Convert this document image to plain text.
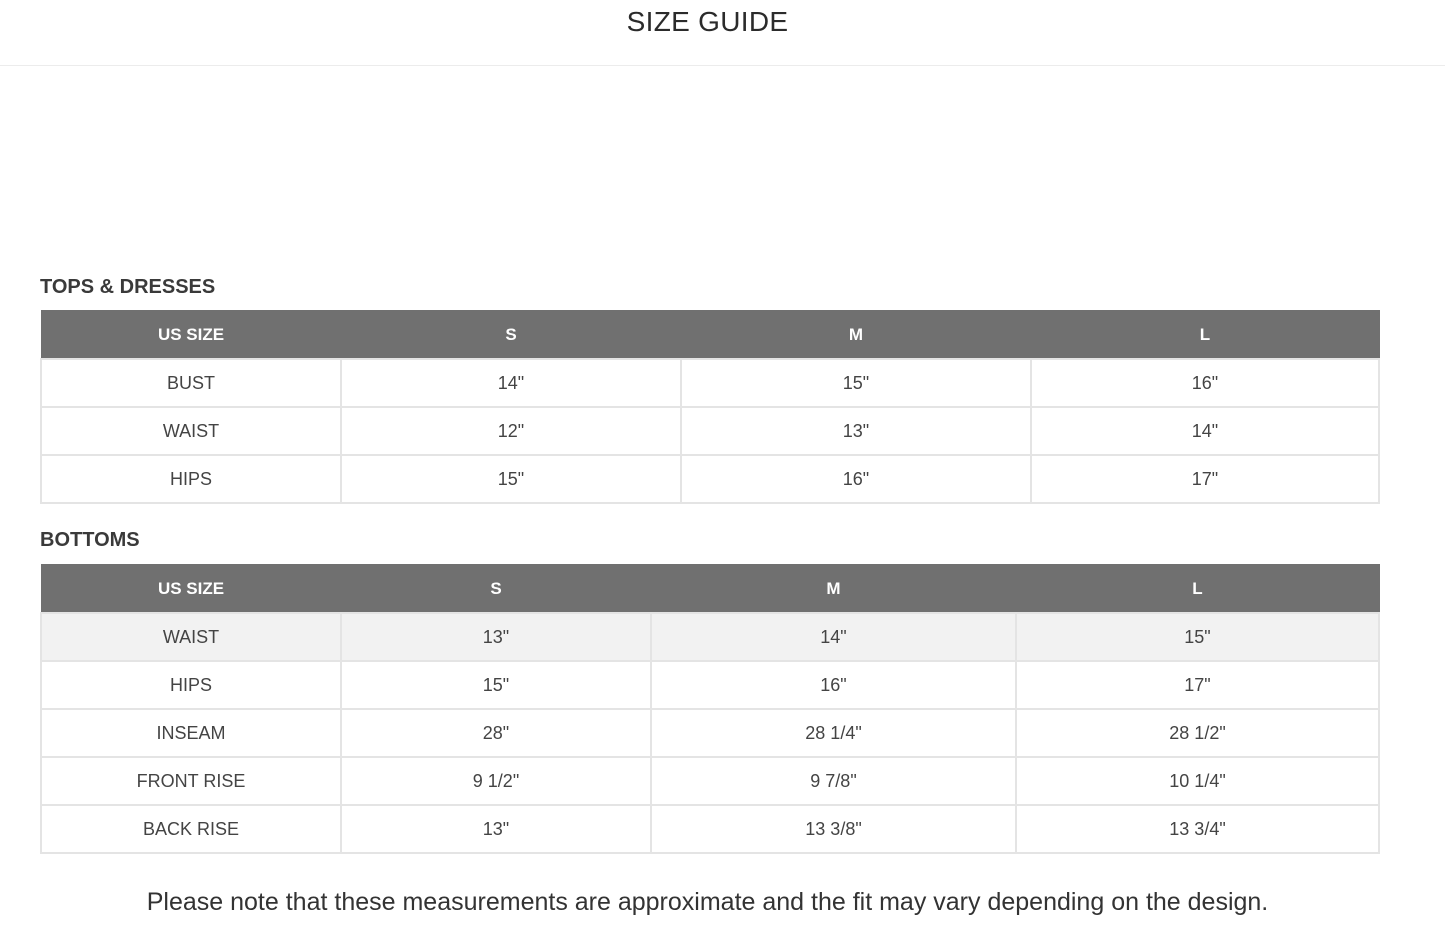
SIZE GUIDE
TOPS & DRESSES
US SIZE	S	M	L
BUST	14"	15"	16"
WAIST	12"	13"	14"
HIPS	15"	16"	17"
BOTTOMS
US SIZE	S	M	L
WAIST	13"	14"	15"
HIPS	15"	16"	17"
INSEAM	28"	28 1/4"	28 1/2"
FRONT RISE	9 1/2"	9 7/8"	10 1/4"
BACK RISE	13"	13 3/8"	13 3/4"
Please note that these measurements are approximate and the fit may vary depending on the design.
